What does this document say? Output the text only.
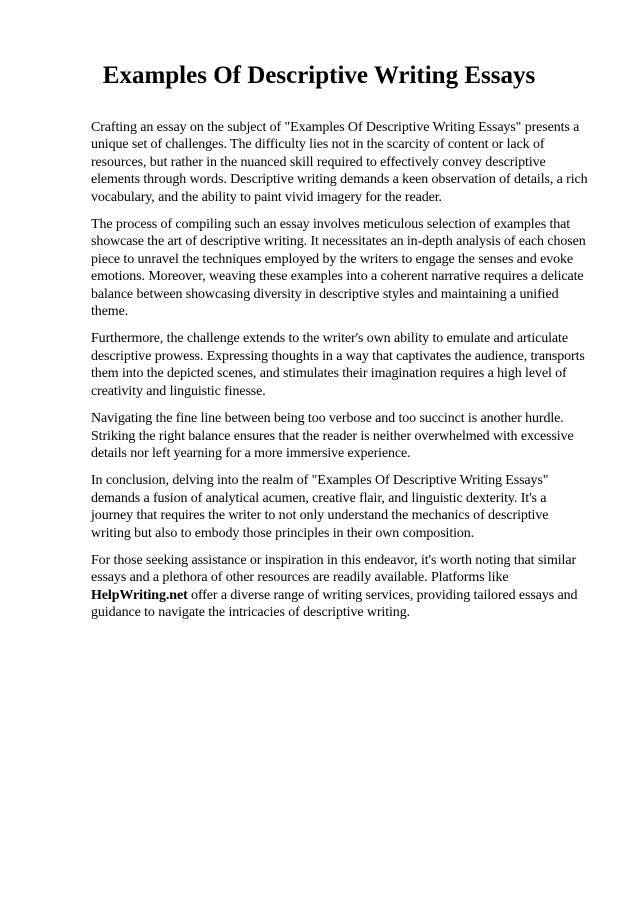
Examples Of Descriptive Writing Essays

Crafting an essay on the subject of "Examples Of Descriptive Writing Essays" presents a unique set of challenges. The difficulty lies not in the scarcity of content or lack of resources, but rather in the nuanced skill required to effectively convey descriptive elements through words. Descriptive writing demands a keen observation of details, a rich vocabulary, and the ability to paint vivid imagery for the reader.

The process of compiling such an essay involves meticulous selection of examples that showcase the art of descriptive writing. It necessitates an in-depth analysis of each chosen piece to unravel the techniques employed by the writers to engage the senses and evoke emotions. Moreover, weaving these examples into a coherent narrative requires a delicate balance between showcasing diversity in descriptive styles and maintaining a unified theme.

Furthermore, the challenge extends to the writer's own ability to emulate and articulate descriptive prowess. Expressing thoughts in a way that captivates the audience, transports them into the depicted scenes, and stimulates their imagination requires a high level of creativity and linguistic finesse.

Navigating the fine line between being too verbose and too succinct is another hurdle. Striking the right balance ensures that the reader is neither overwhelmed with excessive details nor left yearning for a more immersive experience.

In conclusion, delving into the realm of "Examples Of Descriptive Writing Essays" demands a fusion of analytical acumen, creative flair, and linguistic dexterity. It's a journey that requires the writer to not only understand the mechanics of descriptive writing but also to embody those principles in their own composition.

For those seeking assistance or inspiration in this endeavor, it's worth noting that similar essays and a plethora of other resources are readily available. Platforms like HelpWriting.net offer a diverse range of writing services, providing tailored essays and guidance to navigate the intricacies of descriptive writing.
